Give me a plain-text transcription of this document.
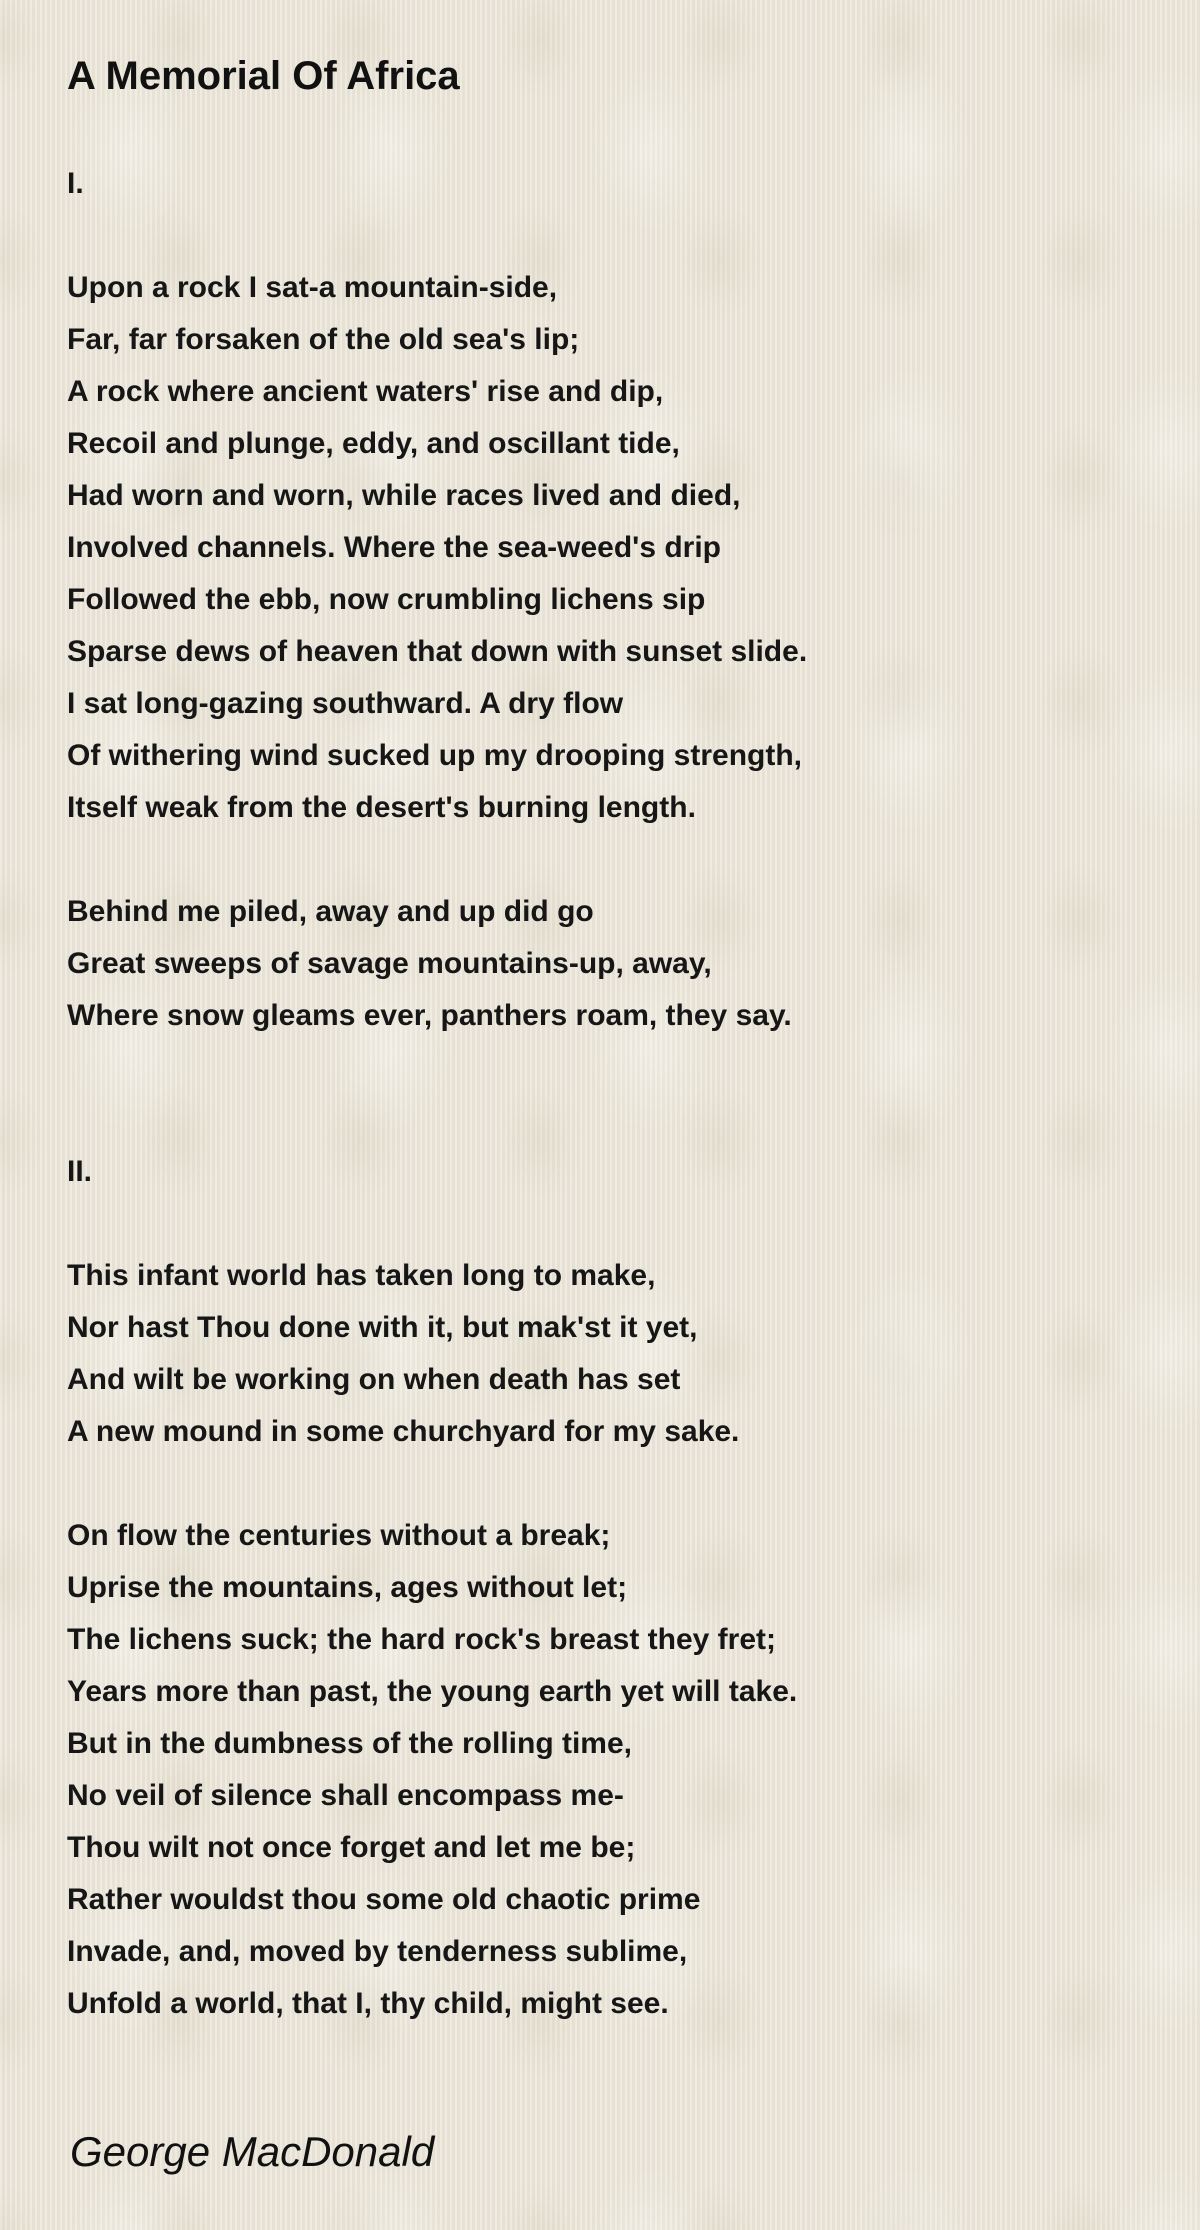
A Memorial Of Africa
I.
Upon a rock I sat-a mountain-side,
Far, far forsaken of the old sea's lip;
A rock where ancient waters' rise and dip,
Recoil and plunge, eddy, and oscillant tide,
Had worn and worn, while races lived and died,
Involved channels. Where the sea-weed's drip
Followed the ebb, now crumbling lichens sip
Sparse dews of heaven that down with sunset slide.
I sat long-gazing southward. A dry flow
Of withering wind sucked up my drooping strength,
Itself weak from the desert's burning length.
Behind me piled, away and up did go
Great sweeps of savage mountains-up, away,
Where snow gleams ever, panthers roam, they say.
II.
This infant world has taken long to make,
Nor hast Thou done with it, but mak'st it yet,
And wilt be working on when death has set
A new mound in some churchyard for my sake.
On flow the centuries without a break;
Uprise the mountains, ages without let;
The lichens suck; the hard rock's breast they fret;
Years more than past, the young earth yet will take.
But in the dumbness of the rolling time,
No veil of silence shall encompass me-
Thou wilt not once forget and let me be;
Rather wouldst thou some old chaotic prime
Invade, and, moved by tenderness sublime,
Unfold a world, that I, thy child, might see.
George MacDonald
